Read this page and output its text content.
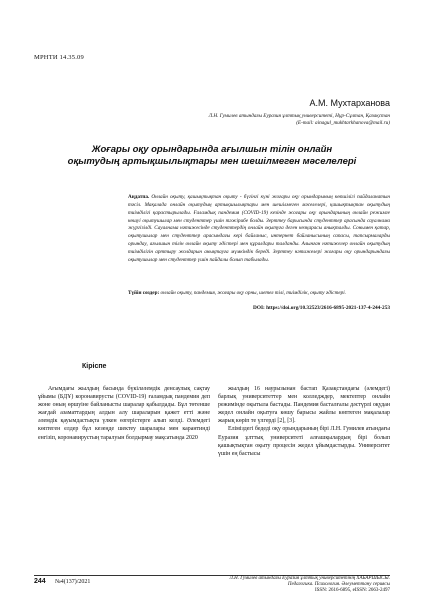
МРНТИ 14.35.09
А.М. Мухтарханова
Л.Н. Гумилев атындағы Еуразия ұлттық университеті, Нұр-Сұлтан, Қазақстан
(E-mail: ainagul_mukhtarkhanova@mail.ru)
Жоғары оқу орындарында ағылшын тілін онлайн
оқытудың артықшылықтары мен шешілмеген мәселелері
Аңдатпа. Онлайн оқыту, қашықтықтан оқыту - бүгінгі күні жоғары оқу орындарының көпшілігі пайдаланатын тәсіл. Мақалада онлайн оқытудың артықшылықтары мен шешілмеген мәселелері, қашықтықтан оқытудың тиімділігі қарастырылады. Ғаламдық пандемия (COVID-19) кезінде жоғары оқу орындарының онлайн режимге көшуі оқытушылар мен студенттер үшін тәжірибе болды. Зерттеу барысында студенттер арасында сауалнама жүргізілді. Сауалнама нәтижесінде студенттердің онлайн оқытуға деген көзқарасы анықталды. Сонымен қатар, оқытушылар мен студенттер арасындағы кері байланыс, интернет байланысының сапасы, тапсырмаларды орындау, ағылшын тілін онлайн оқыту әдістері мен құралдары талданды. Алынған нәтижелер онлайн оқытудың тиімділігін арттыру жолдарын анықтауға мүмкіндік береді. Зерттеу нәтижелері жоғары оқу орындарындағы оқытушылар мен студенттер үшін пайдалы болып табылады.
Түйін сөздер: онлайн оқыту, пандемия, жоғары оқу орны, шетел тілі, тиімділік, оқыту әдістері.
DOI: https://doi.org/10.32523/2616-6895-2021-137-4-244-253
Кіріспе

Ағымдағы жылдың басында бүкіләлемдік денсаулық сақтау ұйымы (БДҰ) коронавирусты (COVID-19) ғаламдық пандемия деп жоне оның өршуіне байланысты шаралар қабылдады. Бұл төтенше жағдай азаматтардың алдын алу шараларын қажет етті және әлемдік қауымдастықта үлкен өзгерістерге алып келді. Әлемдегі көптеген елдер бұл кезеңде шектеу шаралары мен карантинді енгізіп, коронавирустың таралуын болдырмау мақсатында 2020

жылдың 16 наурызынан бастап Қазақстандағы (әлемдегі) барлық университеттер мен колледждер, мектептер онлайн режимінде оқытыла бастады. Пандемия басталғалы дәстүрлі оқудан жедел онлайн оқытуға көшу барысы жайлы көптеген мақалалар жарық көріп те үлгерді [2], [3].

Еліміздегі бедеді оқу орындарының бірі Л.Н. Гумилев атындағы Еуразия ұлттық университеті алғашқылардың бірі болып қашықтықтан оқыту процесін жедел ұйымдастырды. Университет үшін ең бастысы

244 №4(137)/2021
Л.Н. Гумилев атындағы Еуразия ұлттық университетінің ХАБАРШЫСЫ.
Педагогика. Психология. Әлеуметтану сериясы
ISSN: 2616-6895, eISSN: 2663-2497
